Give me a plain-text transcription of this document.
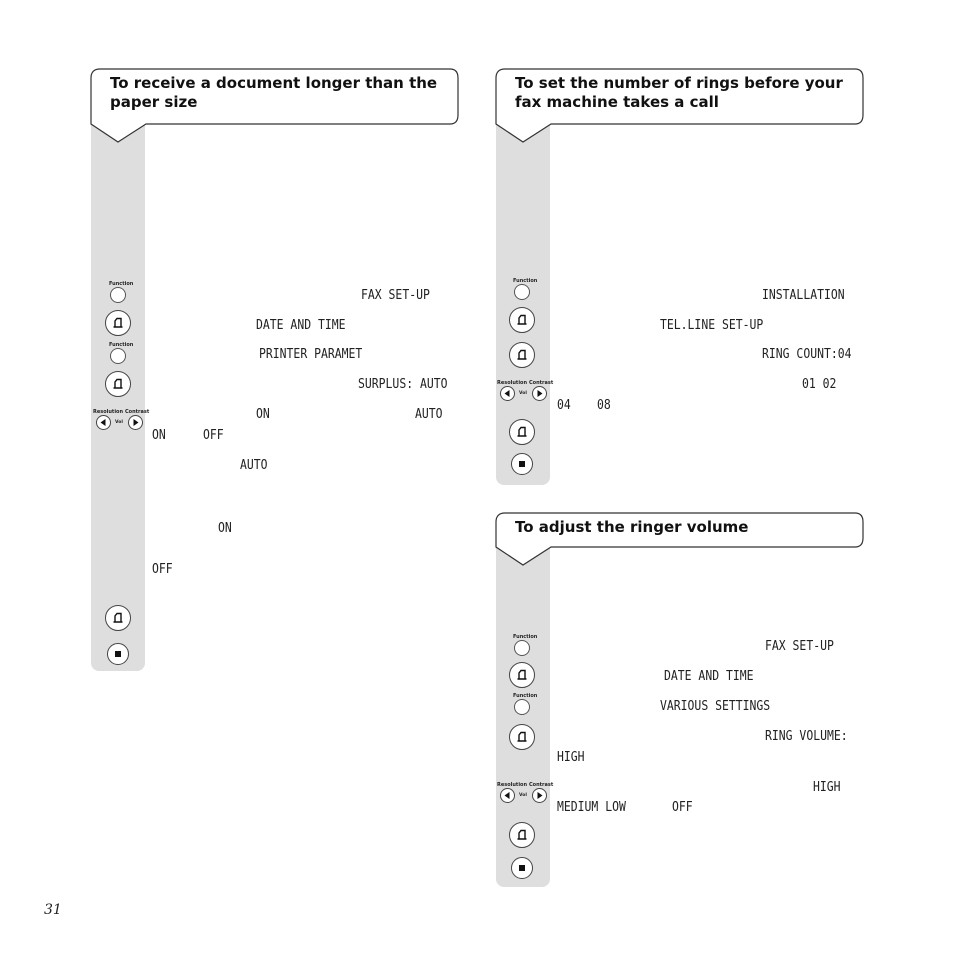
To receive a document longer than the paper size
Function
Function
Resolution Contrast
Vol
FAX SET-UP
DATE AND TIME
PRINTER PARAMET
SURPLUS: AUTO
ON	AUTO
ON	OFF
AUTO
ON
OFF
To set the number of rings before your fax machine takes a call
Function
Resolution Contrast
Vol
INSTALLATION
TEL.LINE SET-UP
RING COUNT:04
01 02
04 08
To adjust the ringer volume
Function
Function
Resolution Contrast
Vol
FAX SET-UP
DATE AND TIME
VARIOUS SETTINGS
RING VOLUME:
HIGH
HIGH
MEDIUM LOW	OFF
31
